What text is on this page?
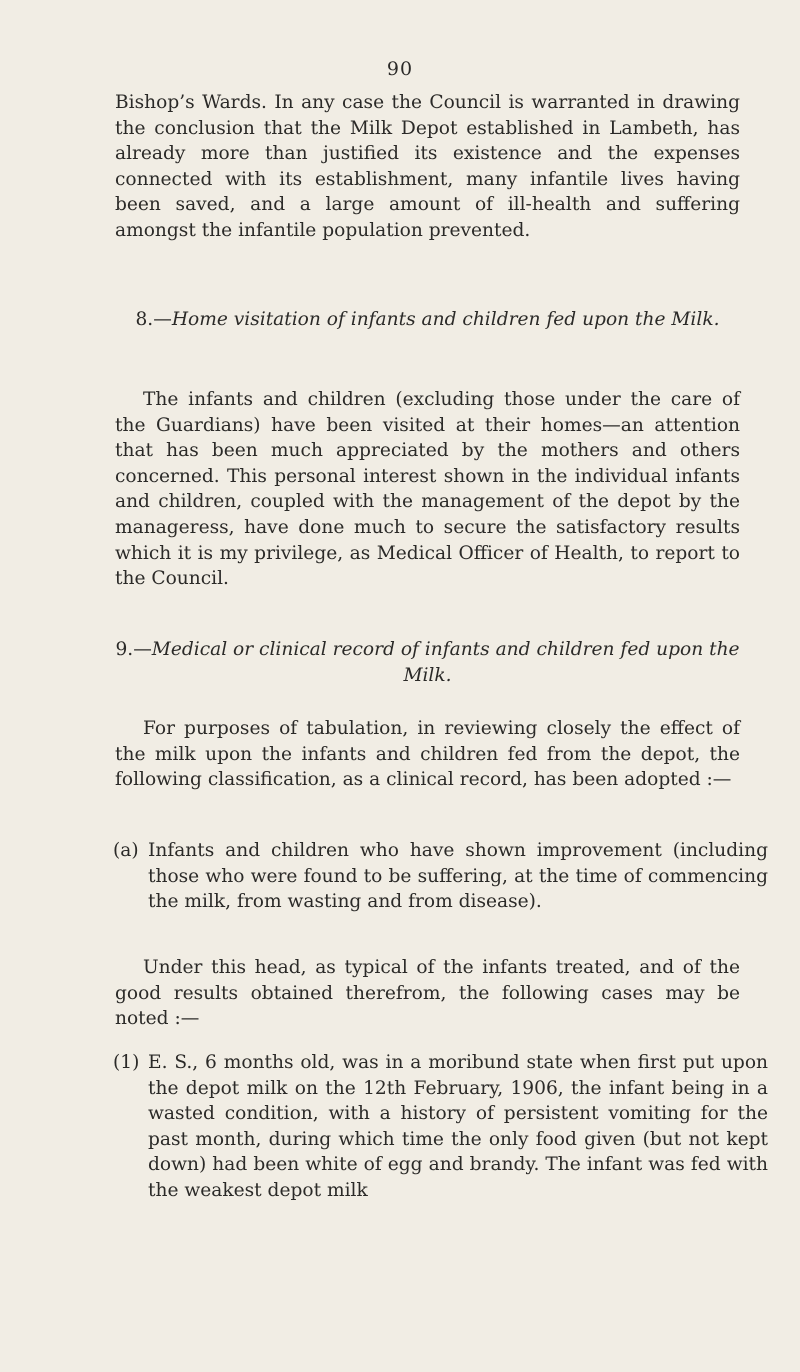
90

Bishop’s Wards. In any case the Council is warranted in drawing the conclusion that the Milk Depot established in Lambeth, has already more than justified its existence and the expenses connected with its establishment, many infantile lives having been saved, and a large amount of ill-health and suffering amongst the infantile population prevented.

8.—Home visitation of infants and children fed upon the Milk.

The infants and children (excluding those under the care of the Guardians) have been visited at their homes—an attention that has been much appreciated by the mothers and others concerned. This personal interest shown in the individual infants and children, coupled with the management of the depot by the manageress, have done much to secure the satisfactory results which it is my privilege, as Medical Officer of Health, to report to the Council.

9.—Medical or clinical record of infants and children fed upon the Milk.

For purposes of tabulation, in reviewing closely the effect of the milk upon the infants and children fed from the depot, the following classification, as a clinical record, has been adopted :—

(a) Infants and children who have shown improvement (including those who were found to be suffering, at the time of commencing the milk, from wasting and from disease).

Under this head, as typical of the infants treated, and of the good results obtained therefrom, the following cases may be noted :—

(1) E. S., 6 months old, was in a moribund state when first put upon the depot milk on the 12th February, 1906, the infant being in a wasted condition, with a history of persistent vomiting for the past month, during which time the only food given (but not kept down) had been white of egg and brandy. The infant was fed with the weakest depot milk
